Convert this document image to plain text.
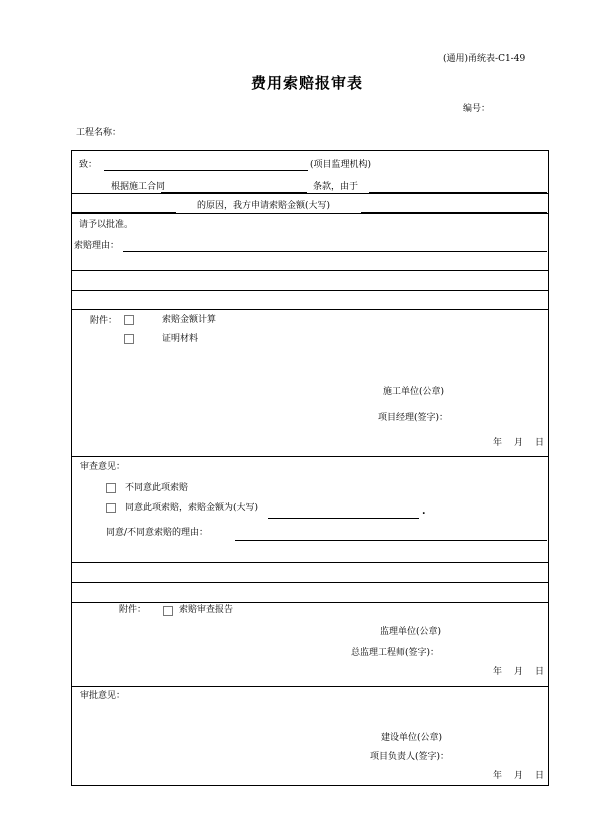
(通用)甬统表-C1-49
费用索赔报审表
编号：
工程名称：
致：	(项目监理机构)
根据施工合同	条款，由于
的原因，我方申请索赔金额(大写)
请予以批准。
索赔理由：
附件：	索赔金额计算
证明材料
施工单位(公章)
项目经理(签字)：
年 月 日
审查意见：
不同意此项索赔
同意此项索赔，索赔金额为(大写)	.
同意/不同意索赔的理由：
附件：	索赔审查报告
监理单位(公章)
总监理工程师(签字)：
年 月 日
审批意见：
建设单位(公章)
项目负责人(签字)：
年 月 日
